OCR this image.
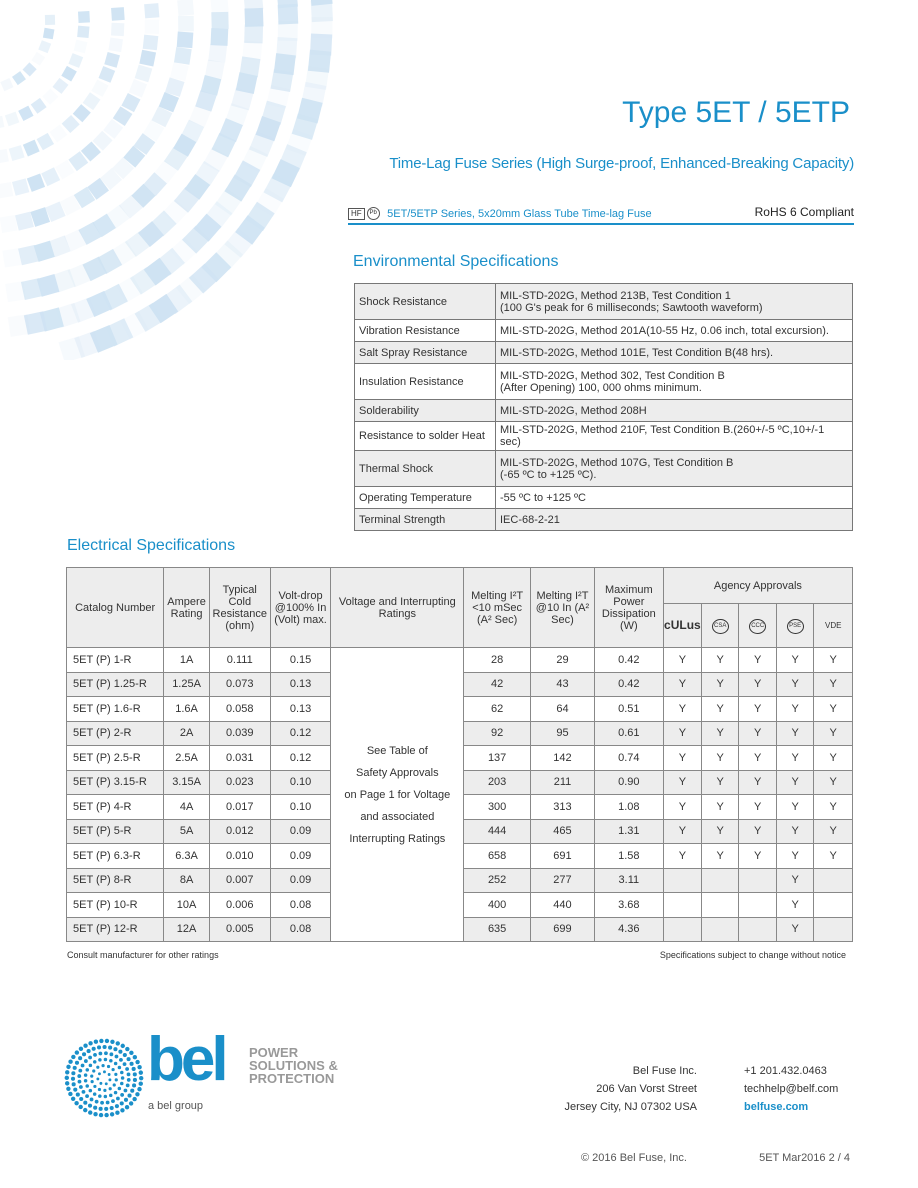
Type 5ET / 5ETP
Time-Lag Fuse Series (High Surge-proof, Enhanced-Breaking Capacity)
HF Pb 5ET/5ETP Series, 5x20mm Glass Tube Time-lag Fuse	RoHS 6 Compliant
Environmental Specifications
Shock Resistance	MIL-STD-202G, Method 213B, Test Condition 1
(100 G's peak for 6 milliseconds; Sawtooth waveform)

Vibration Resistance	MIL-STD-202G, Method 201A(10-55 Hz, 0.06 inch, total excursion).

Salt Spray Resistance	MIL-STD-202G, Method 101E, Test Condition B(48 hrs).

Insulation Resistance	MIL-STD-202G, Method 302, Test Condition B
(After Opening) 100, 000 ohms minimum.

Solderability	MIL-STD-202G, Method 208H

Resistance to solder Heat	MIL-STD-202G, Method 210F, Test Condition B.(260+/-5 ºC,10+/-1 sec)

Thermal Shock	MIL-STD-202G, Method 107G, Test Condition B
(-65 ºC to +125 ºC).

Operating Temperature	-55 ºC to +125 ºC

Terminal Strength	IEC-68-2-21
Electrical Specifications
Catalog Number	Ampere Rating	Typical Cold Resistance (ohm)	Volt-drop @100% In (Volt) max.	Voltage and Interrupting Ratings	Melting I²T <10 mSec (A² Sec)	Melting I²T @10 In (A² Sec)	Maximum Power Dissipation (W)	Agency Approvals				
								cULus	CSA	CCC	PSE	VDE
5ET (P) 1-R	1A	0.111	0.15	See Table of
Safety Approvals
on Page 1 for Voltage
and associated
Interrupting Ratings	28	29	0.42	Y	Y	Y	Y	Y
5ET (P) 1.25-R	1.25A	0.073	0.13		42	43	0.42	Y	Y	Y	Y	Y
5ET (P) 1.6-R	1.6A	0.058	0.13		62	64	0.51	Y	Y	Y	Y	Y
5ET (P) 2-R	2A	0.039	0.12		92	95	0.61	Y	Y	Y	Y	Y
5ET (P) 2.5-R	2.5A	0.031	0.12		137	142	0.74	Y	Y	Y	Y	Y
5ET (P) 3.15-R	3.15A	0.023	0.10		203	211	0.90	Y	Y	Y	Y	Y
5ET (P) 4-R	4A	0.017	0.10		300	313	1.08	Y	Y	Y	Y	Y
5ET (P) 5-R	5A	0.012	0.09		444	465	1.31	Y	Y	Y	Y	Y
5ET (P) 6.3-R	6.3A	0.010	0.09		658	691	1.58	Y	Y	Y	Y	Y
5ET (P) 8-R	8A	0.007	0.09		252	277	3.11				Y	
5ET (P) 10-R	10A	0.006	0.08		400	440	3.68				Y	
5ET (P) 12-R	12A	0.005	0.08		635	699	4.36				Y	
Consult manufacturer for other ratings	Specifications subject to change without notice
bel POWER
SOLUTIONS &
PROTECTION
a bel group
Bel Fuse Inc.
206 Van Vorst Street
Jersey City, NJ 07302 USA
+1 201.432.0463
techhelp@belf.com
belfuse.com
© 2016 Bel Fuse, Inc.	5ET Mar2016 2 / 4
